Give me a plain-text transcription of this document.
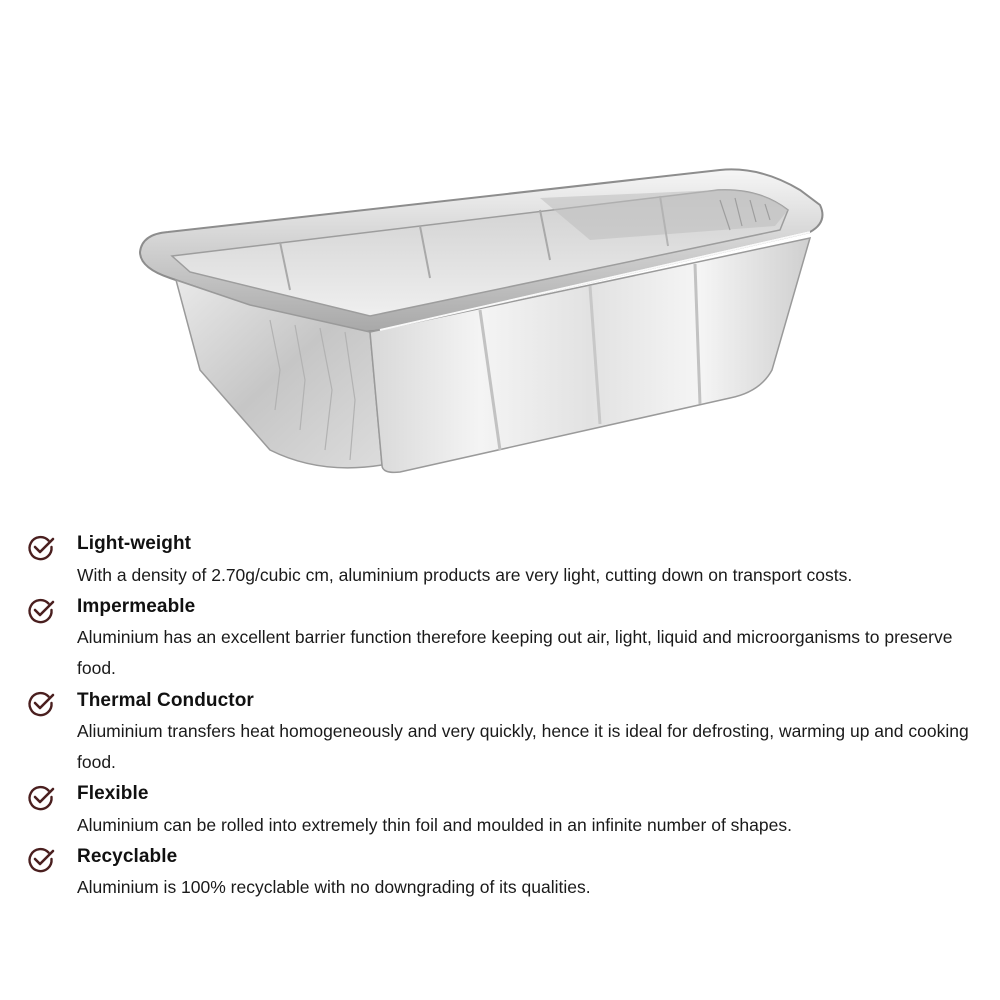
Light-weight
With a density of 2.70g/cubic cm, aluminium products are very light, cutting down on transport costs.
Impermeable
Aluminium has an excellent barrier function therefore keeping out air, light, liquid and microorganisms to preserve food.
Thermal Conductor
Aliuminium transfers heat homogeneously and very quickly, hence it is ideal for defrosting, warming up and cooking food.
Flexible
Aluminium can be rolled into extremely thin foil and moulded in an infinite number of shapes.
Recyclable
Aluminium is 100% recyclable with no downgrading of its qualities.
